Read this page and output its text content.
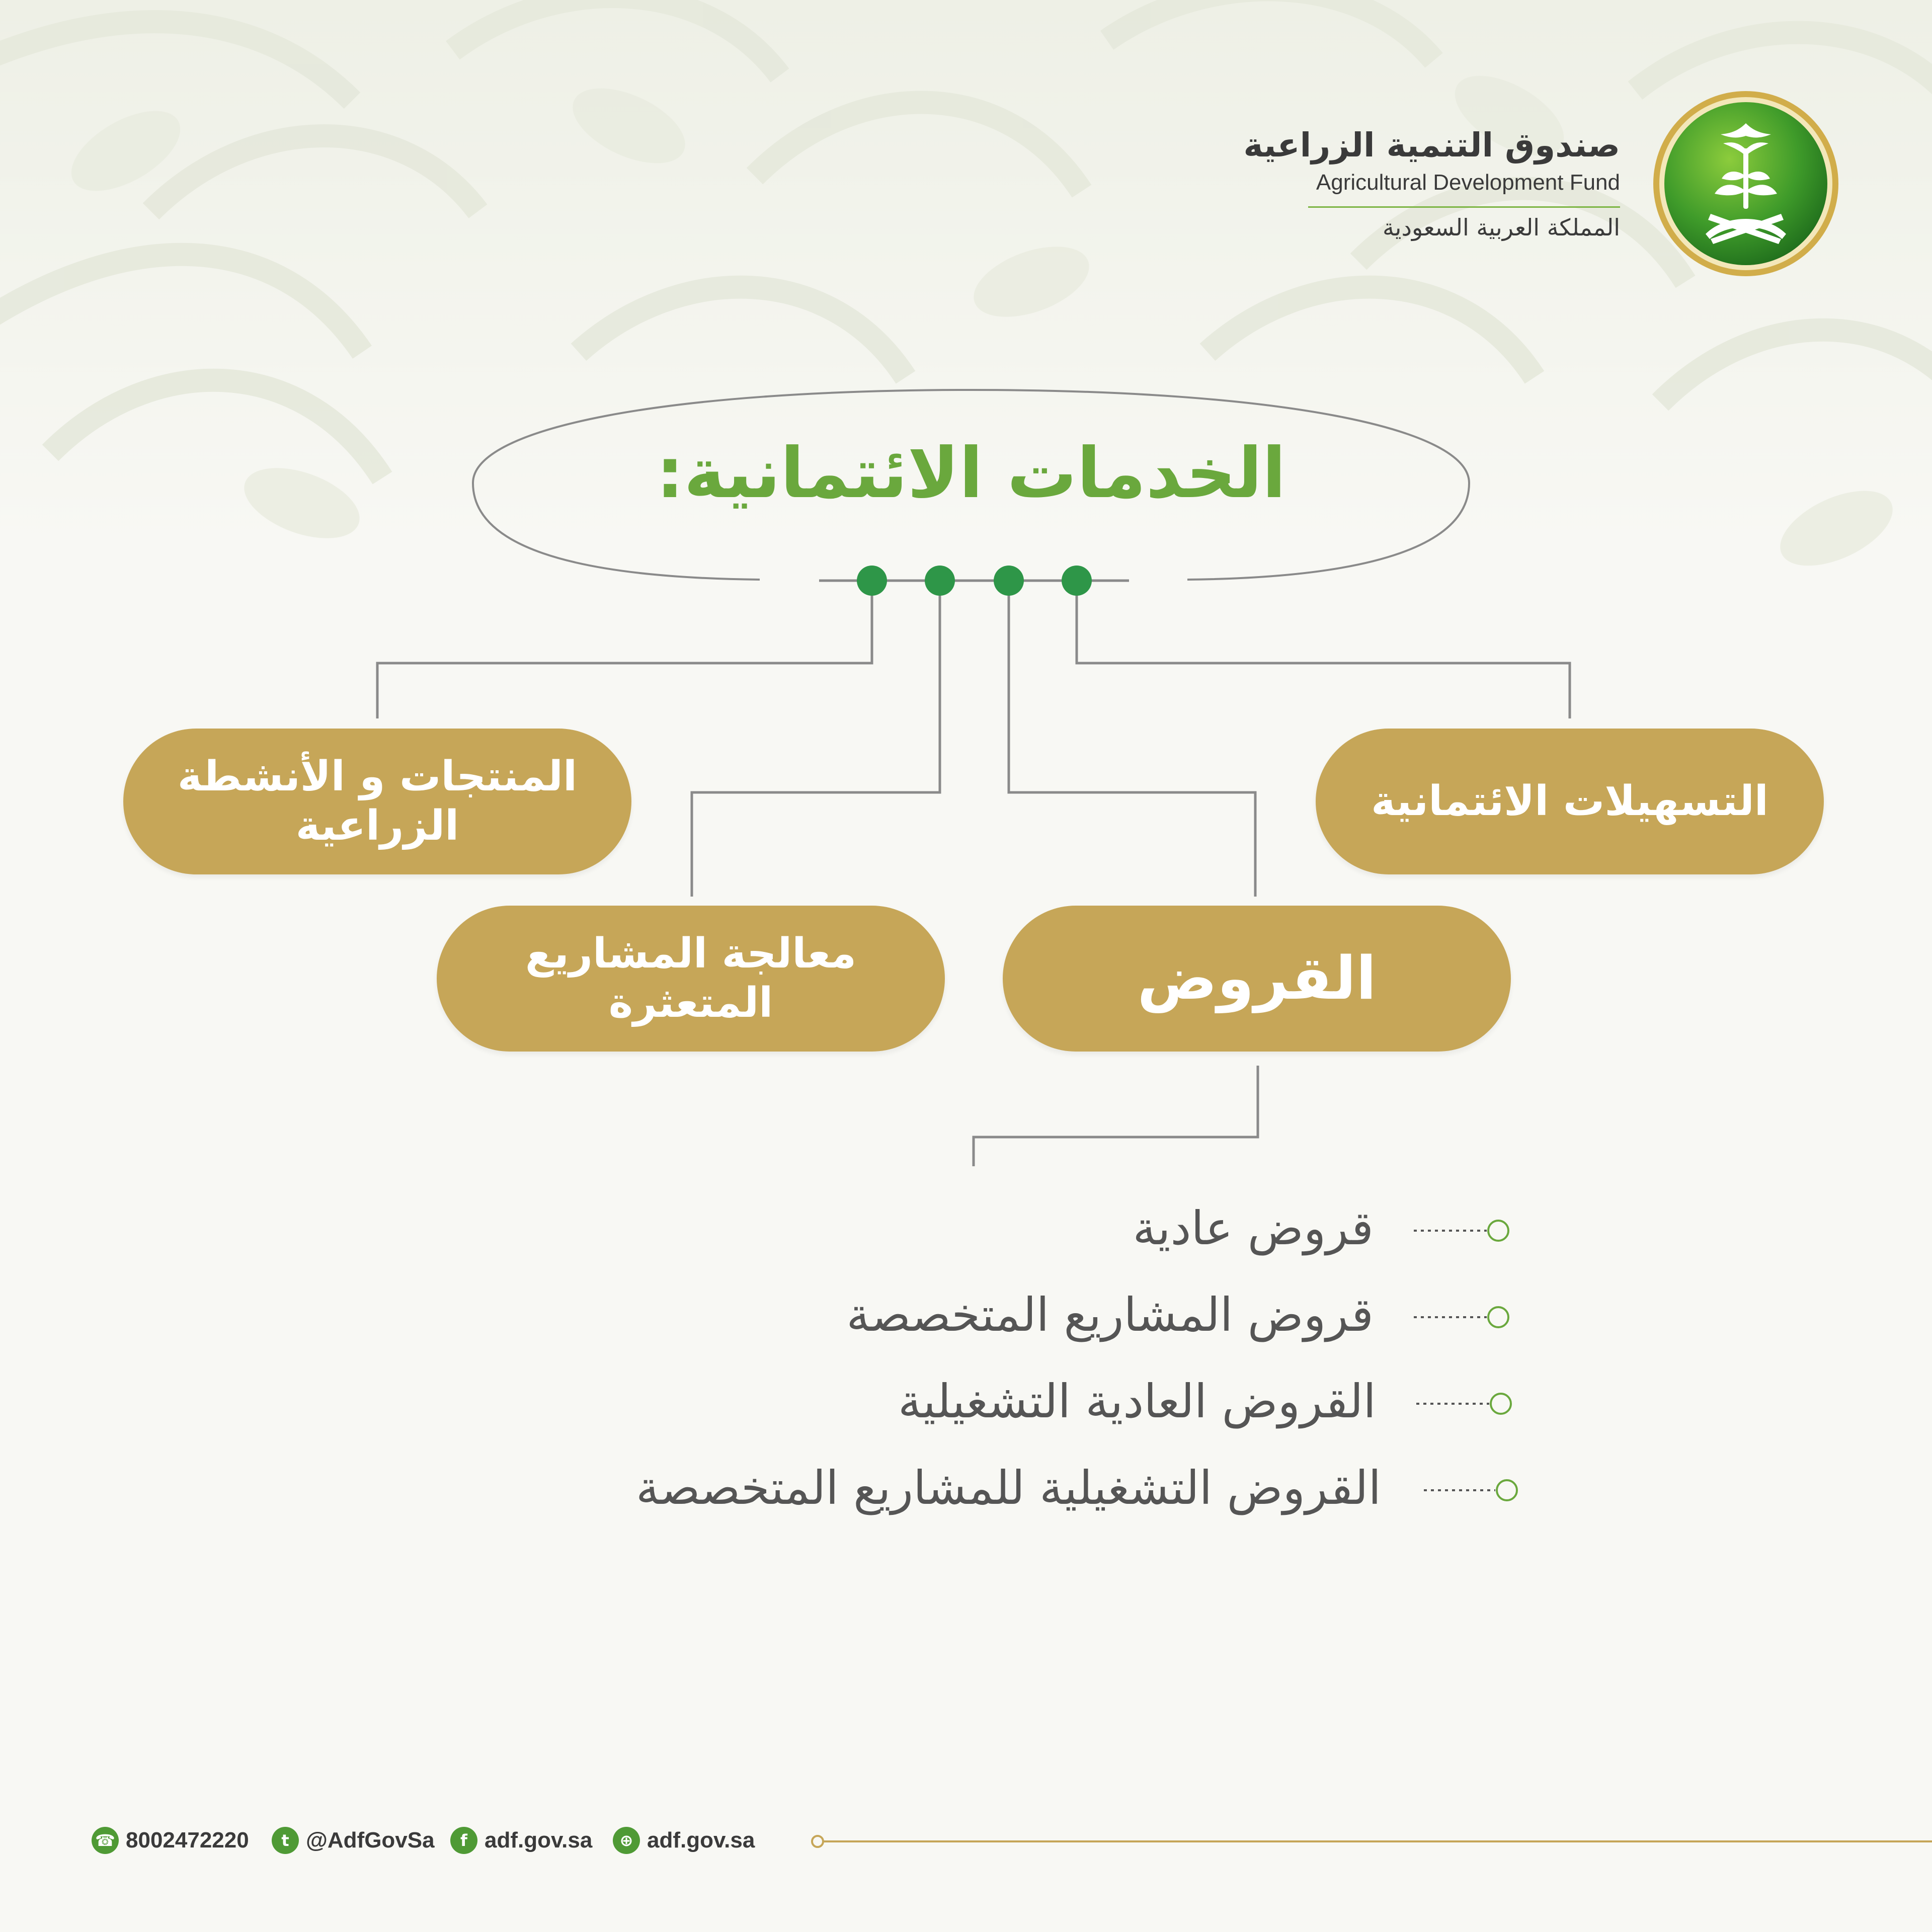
صندوق التنمية الزراعية
Agricultural Development Fund
المملكة العربية السعودية
الخدمات الائتمانية:
المنتجات و الأنشطة
الزراعية
التسهيلات الائتمانية
معالجة المشاريع
المتعثرة	القروض
قروض عادية
قروض المشاريع المتخصصة
القروض العادية التشغيلية
القروض التشغيلية للمشاريع المتخصصة
☎ 8002472220	t @AdfGovSa	f adf.gov.sa	⊕ adf.gov.sa
